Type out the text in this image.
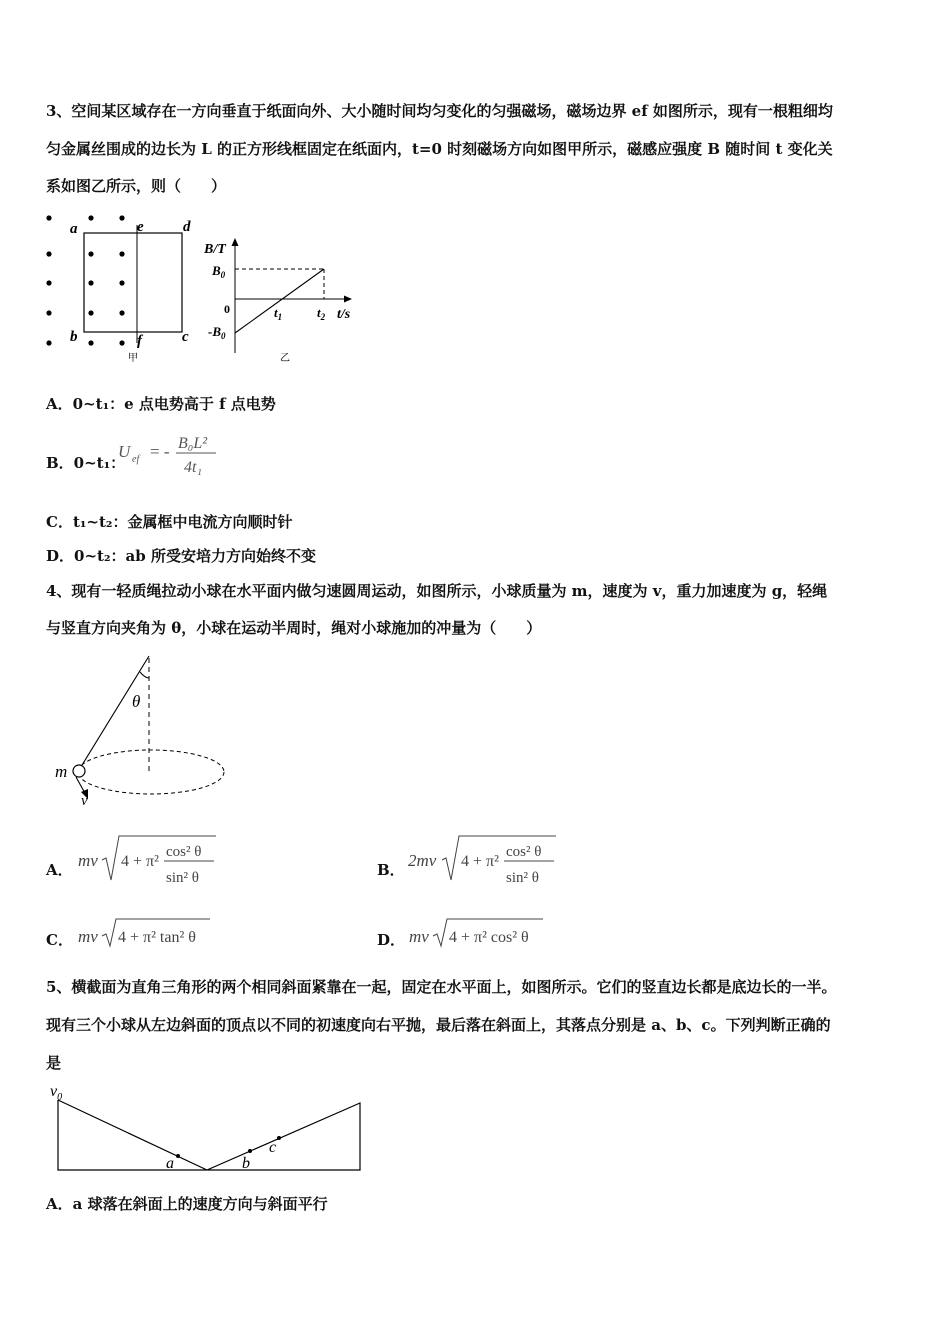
3、空间某区域存在一方向垂直于纸面向外、大小随时间均匀变化的匀强磁场，磁场边界 ef 如图所示，现有一根粗细均
匀金属丝围成的边长为 L 的正方形线框固定在纸面内，t=0 时刻磁场方向如图甲所示，磁感应强度 B 随时间 t 变化关
系如图乙所示，则（　　）
a	e	d
b	f	c
甲
B/T
$B_0$
0
$-B_0$
$t_1$	$t_2$ t/s
乙
A．0~t₁：e 点电势高于 f 点电势
B．0~t₁：
U ef = - B₀L²
4t₁
C．t₁~t₂：金属框中电流方向顺时针
D．0~t₂：ab 所受安培力方向始终不变
4、现有一轻质绳拉动小球在水平面内做匀速圆周运动，如图所示，小球质量为 m，速度为 v，重力加速度为 g，轻绳
与竖直方向夹角为 θ，小球在运动半周时，绳对小球施加的冲量为（　　）
θ
m
v
A． mv 4 + π²
cos² θ
sin² θ	B． 2mv 4 + π²
cos² θ
sin² θ
C． mv 4 + π² tan² θ	D． mv 4 + π² cos² θ
5、横截面为直角三角形的两个相同斜面紧靠在一起，固定在水平面上，如图所示。它们的竖直边长都是底边长的一半。
现有三个小球从左边斜面的顶点以不同的初速度向右平抛，最后落在斜面上，其落点分别是 a、b、c。下列判断正确的
是
$v_0$
a	b
c
A．a 球落在斜面上的速度方向与斜面平行
